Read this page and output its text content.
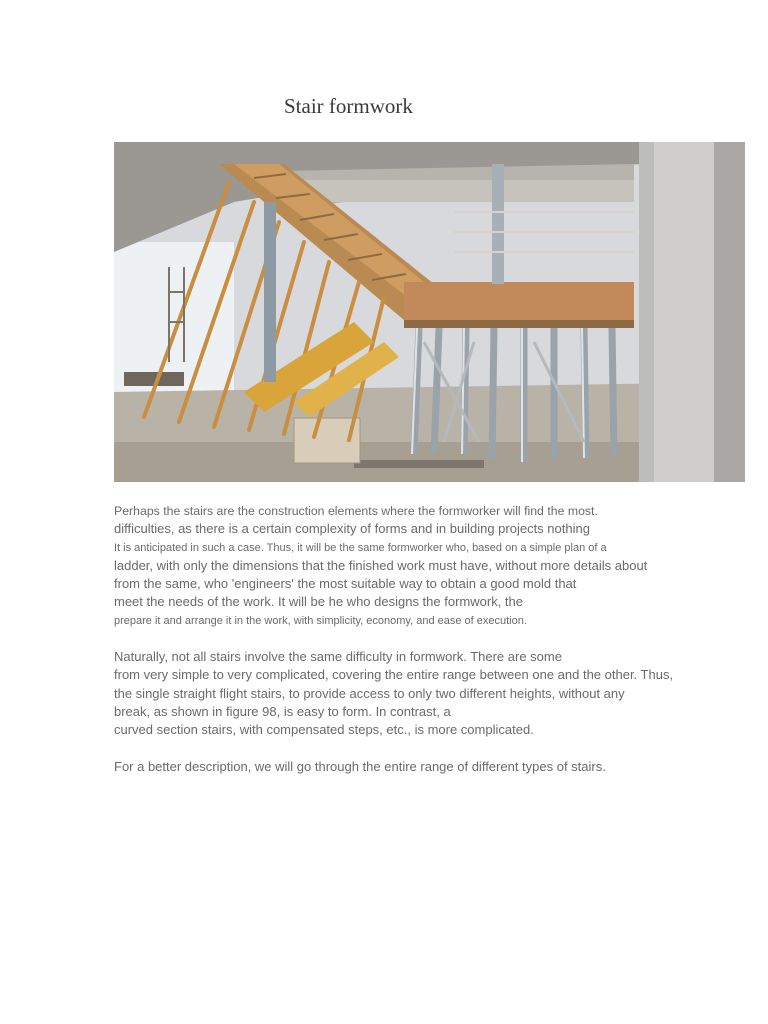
Stair formwork
Perhaps the stairs are the construction elements where the formworker will find the most.
difficulties, as there is a certain complexity of forms and in building projects nothing
It is anticipated in such a case. Thus, it will be the same formworker who, based on a simple plan of a
ladder, with only the dimensions that the finished work must have, without more details about
from the same, who 'engineers' the most suitable way to obtain a good mold that
meet the needs of the work. It will be he who designs the formwork, the
prepare it and arrange it in the work, with simplicity, economy, and ease of execution.
Naturally, not all stairs involve the same difficulty in formwork. There are some
from very simple to very complicated, covering the entire range between one and the other. Thus,
the single straight flight stairs, to provide access to only two different heights, without any
break, as shown in figure 98, is easy to form. In contrast, a
curved section stairs, with compensated steps, etc., is more complicated.
For a better description, we will go through the entire range of different types of stairs.
